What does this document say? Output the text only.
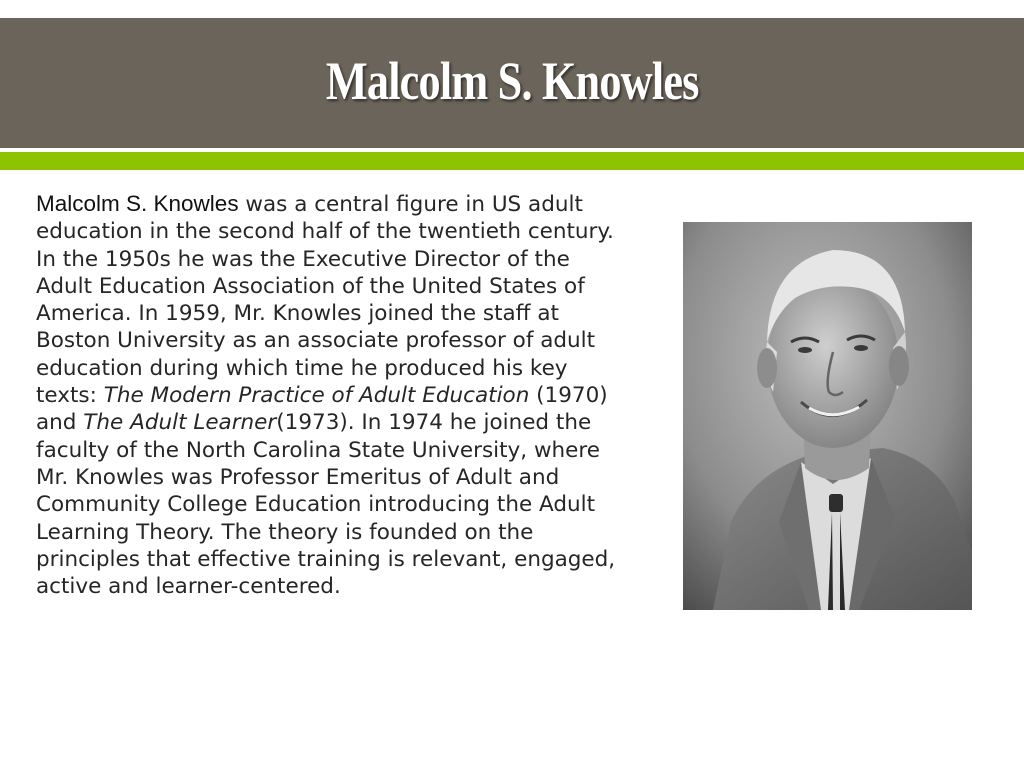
Malcolm S. Knowles

Malcolm S. Knowles was a central figure in US adult education in the second half of the twentieth century. In the 1950s he was the Executive Director of the Adult Education Association of the United States of America. In 1959, Mr. Knowles joined the staff at Boston University as an associate professor of adult education during which time he produced his key texts: The Modern Practice of Adult Education (1970) and The Adult Learner(1973). In 1974 he joined the faculty of the North Carolina State University, where Mr. Knowles was Professor Emeritus of Adult and Community College Education introducing the Adult Learning Theory. The theory is founded on the principles that effective training is relevant, engaged, active and learner-centered.
